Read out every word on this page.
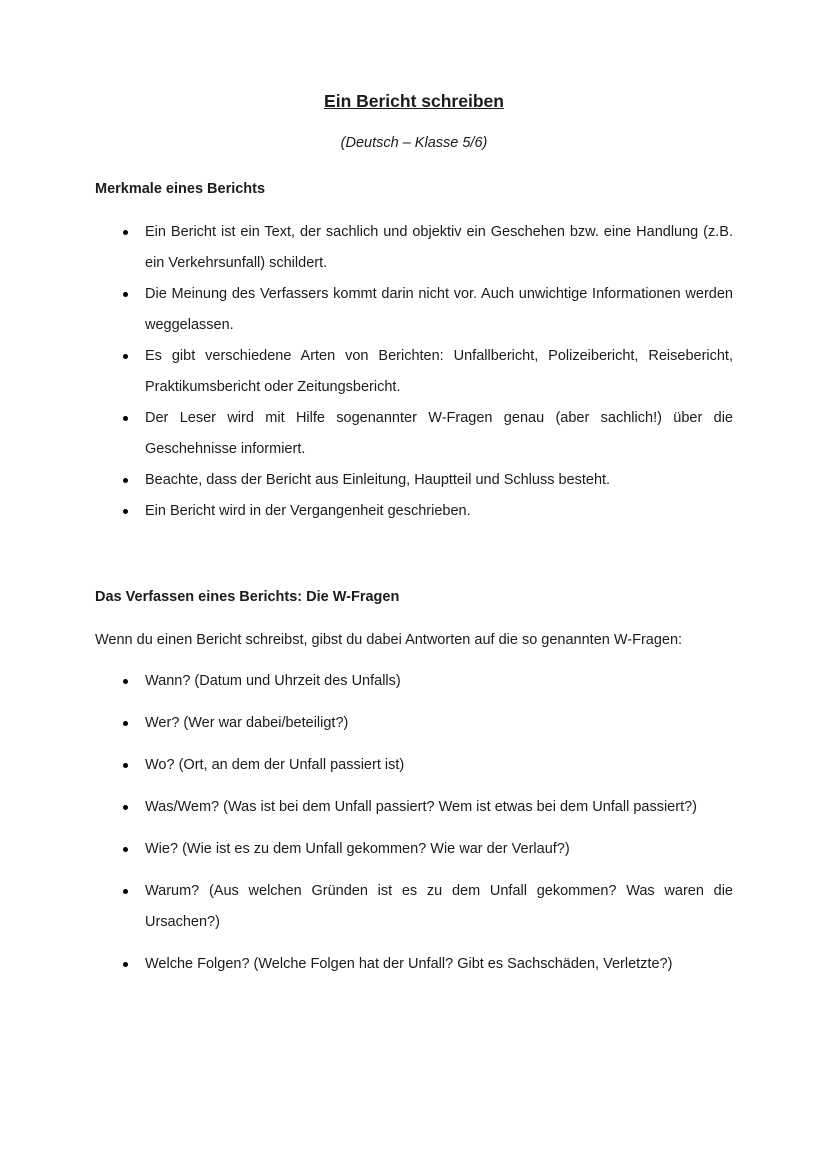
Ein Bericht schreiben

(Deutsch – Klasse 5/6)

Merkmale eines Berichts
Ein Bericht ist ein Text, der sachlich und objektiv ein Geschehen bzw. eine Handlung (z.B. ein Verkehrsunfall) schildert.
Die Meinung des Verfassers kommt darin nicht vor. Auch unwichtige Informationen werden weggelassen.
Es gibt verschiedene Arten von Berichten: Unfallbericht, Polizeibericht, Reisebericht, Praktikumsbericht oder Zeitungsbericht.
Der Leser wird mit Hilfe sogenannter W-Fragen genau (aber sachlich!) über die Geschehnisse informiert.
Beachte, dass der Bericht aus Einleitung, Hauptteil und Schluss besteht.
Ein Bericht wird in der Vergangenheit geschrieben.
Das Verfassen eines Berichts: Die W-Fragen

Wenn du einen Bericht schreibst, gibst du dabei Antworten auf die so genannten W-Fragen:

Wann? (Datum und Uhrzeit des Unfalls)
Wer? (Wer war dabei/beteiligt?)
Wo? (Ort, an dem der Unfall passiert ist)
Was/Wem? (Was ist bei dem Unfall passiert? Wem ist etwas bei dem Unfall passiert?)
Wie? (Wie ist es zu dem Unfall gekommen? Wie war der Verlauf?)
Warum? (Aus welchen Gründen ist es zu dem Unfall gekommen? Was waren die Ursachen?)
Welche Folgen? (Welche Folgen hat der Unfall? Gibt es Sachschäden, Verletzte?)
